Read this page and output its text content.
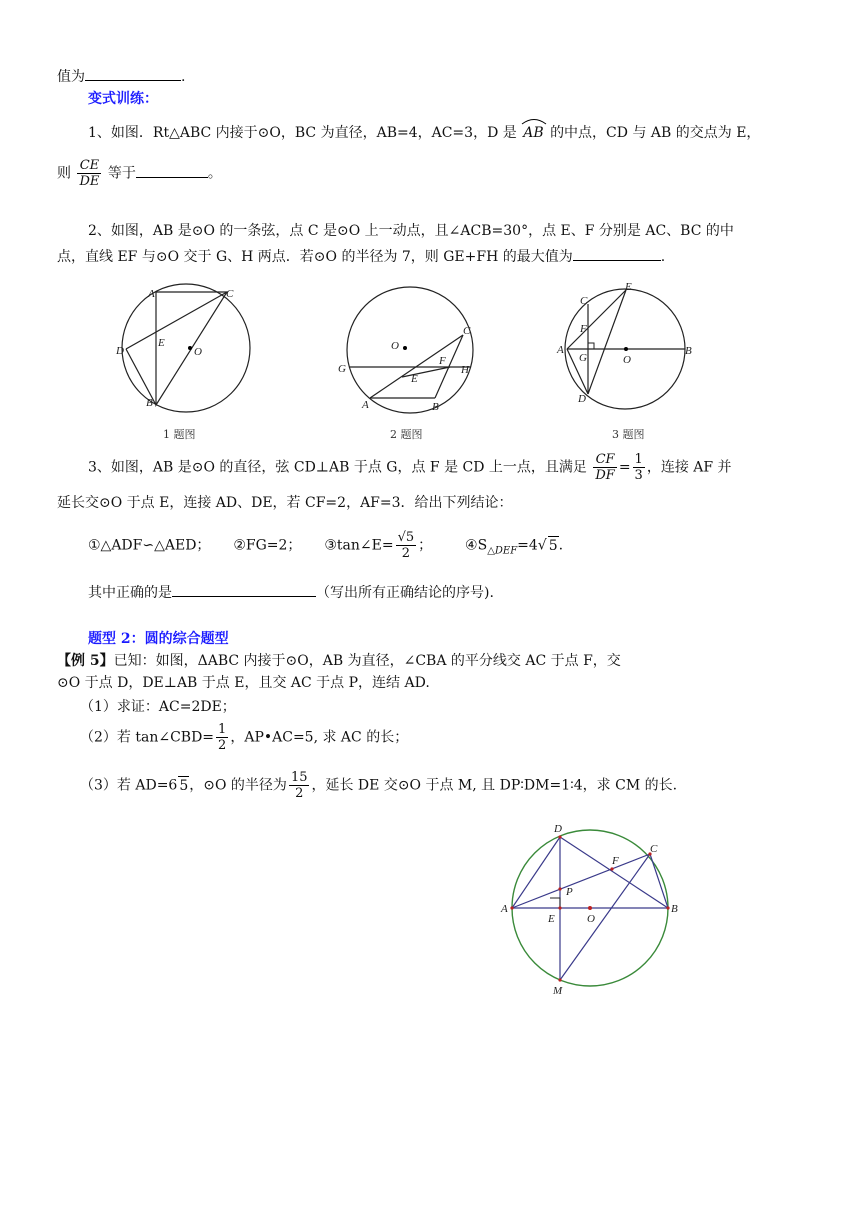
值为	.
变式训练：
1、如图．Rt△ABC 内接于⊙O，BC 为直径，AB=4，AC=3，D 是 AB 的中点，CD 与 AB 的交点为 E，
则 $\frac{CE}{DE}$ 等于	。
2、如图，AB 是⊙O 的一条弦，点 C 是⊙O 上一动点，且∠ACB=30°，点 E、F 分别是 AC、BC 的中
点，直线 EF 与⊙O 交于 G、H 两点．若⊙O 的半径为 7，则 GE+FH 的最大值为	.
A	C
D
E
O
B
O
C
F
G	H
E
A	B
C
E
F
A
G	O
B
D
1 题图	2 题图	3 题图
3、如图，AB 是⊙O 的直径，弦 CD⊥AB 于点 G，点 F 是 CD 上一点，且满足 $\frac{CF}{DF} = \frac{1}{3}$ ，连接 AF 并
延长交⊙O 于点 E，连接 AD、DE，若 CF=2，AF=3．给出下列结论：
①△ADF∽△AED； ②FG=2； ③tan∠E= $\frac{√5}{2}$ ； $④S_{\triangle DEF}=4√$ 5.
其中正确的是	（写出所有正确结论的序号).
题型 2：圆的综合题型
【例 5】已知：如图，ΔABC 内接于⊙O，AB 为直径，∠CBA 的平分线交 AC 于点 F，交
⊙O 于点 D，DE⊥AB 于点 E，且交 AC 于点 P，连结 AD.
（1）求证：AC=2DE；
（2）若 tan∠CBD= $\frac{1}{2}$ ，AP•AC=5, 求 AC 的长；
（3）若 AD=6 5，⊙O 的半径为 $\frac{15}{2}$ ，延长 DE 交⊙O 于点 M, 且 DP∶DM=1∶4，求 CM 的长.
D
C
F
P
A
E	O
B
M
